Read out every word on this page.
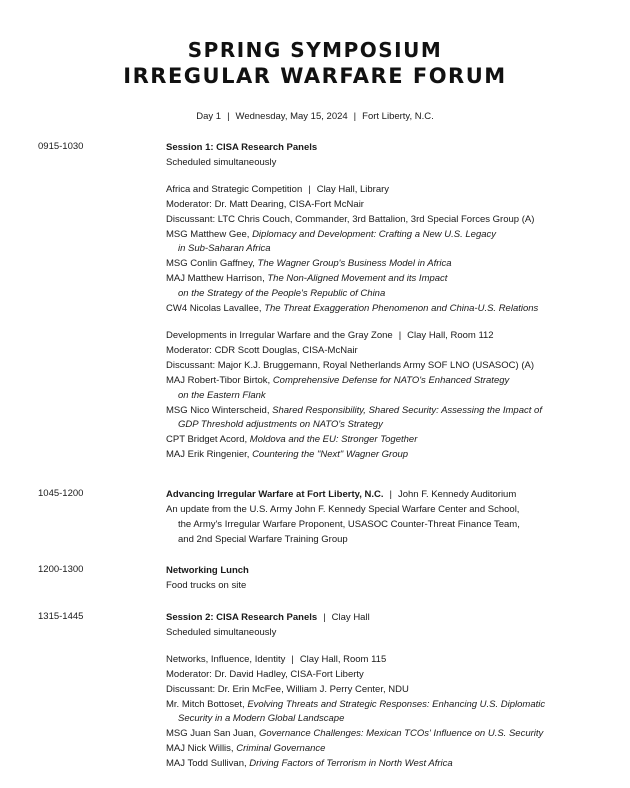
SPRING SYMPOSIUM
IRREGULAR WARFARE FORUM
Day 1 | Wednesday, May 15, 2024 | Fort Liberty, N.C.
0915-1030	Session 1: CISA Research Panels

Scheduled simultaneously

Africa and Strategic Competition | Clay Hall, Library

Moderator: Dr. Matt Dearing, CISA-Fort McNair

Discussant: LTC Chris Couch, Commander, 3rd Battalion, 3rd Special Forces Group (A)

MSG Matthew Gee, Diplomacy and Development: Crafting a New U.S. Legacy

in Sub-Saharan Africa

MSG Conlin Gaffney, The Wagner Group's Business Model in Africa

MAJ Matthew Harrison, The Non-Aligned Movement and its Impact

on the Strategy of the People's Republic of China

CW4 Nicolas Lavallee, The Threat Exaggeration Phenomenon and China-U.S. Relations

Developments in Irregular Warfare and the Gray Zone | Clay Hall, Room 112

Moderator: CDR Scott Douglas, CISA-McNair

Discussant: Major K.J. Bruggemann, Royal Netherlands Army SOF LNO (USASOC) (A)

MAJ Robert-Tibor Birtok, Comprehensive Defense for NATO's Enhanced Strategy

on the Eastern Flank

MSG Nico Winterscheid, Shared Responsibility, Shared Security: Assessing the Impact of

GDP Threshold adjustments on NATO's Strategy

CPT Bridget Acord, Moldova and the EU: Stronger Together

MAJ Erik Ringenier, Countering the "Next" Wagner Group

1045-1200	Advancing Irregular Warfare at Fort Liberty, N.C. | John F. Kennedy Auditorium

An update from the U.S. Army John F. Kennedy Special Warfare Center and School,

the Army's Irregular Warfare Proponent, USASOC Counter-Threat Finance Team,

and 2nd Special Warfare Training Group

1200-1300	Networking Lunch

Food trucks on site

1315-1445	Session 2: CISA Research Panels | Clay Hall

Scheduled simultaneously

Networks, Influence, Identity | Clay Hall, Room 115

Moderator: Dr. David Hadley, CISA-Fort Liberty

Discussant: Dr. Erin McFee, William J. Perry Center, NDU

Mr. Mitch Bottoset, Evolving Threats and Strategic Responses: Enhancing U.S. Diplomatic

Security in a Modern Global Landscape

MSG Juan San Juan, Governance Challenges: Mexican TCOs' Influence on U.S. Security

MAJ Nick Willis, Criminal Governance

MAJ Todd Sullivan, Driving Factors of Terrorism in North West Africa
